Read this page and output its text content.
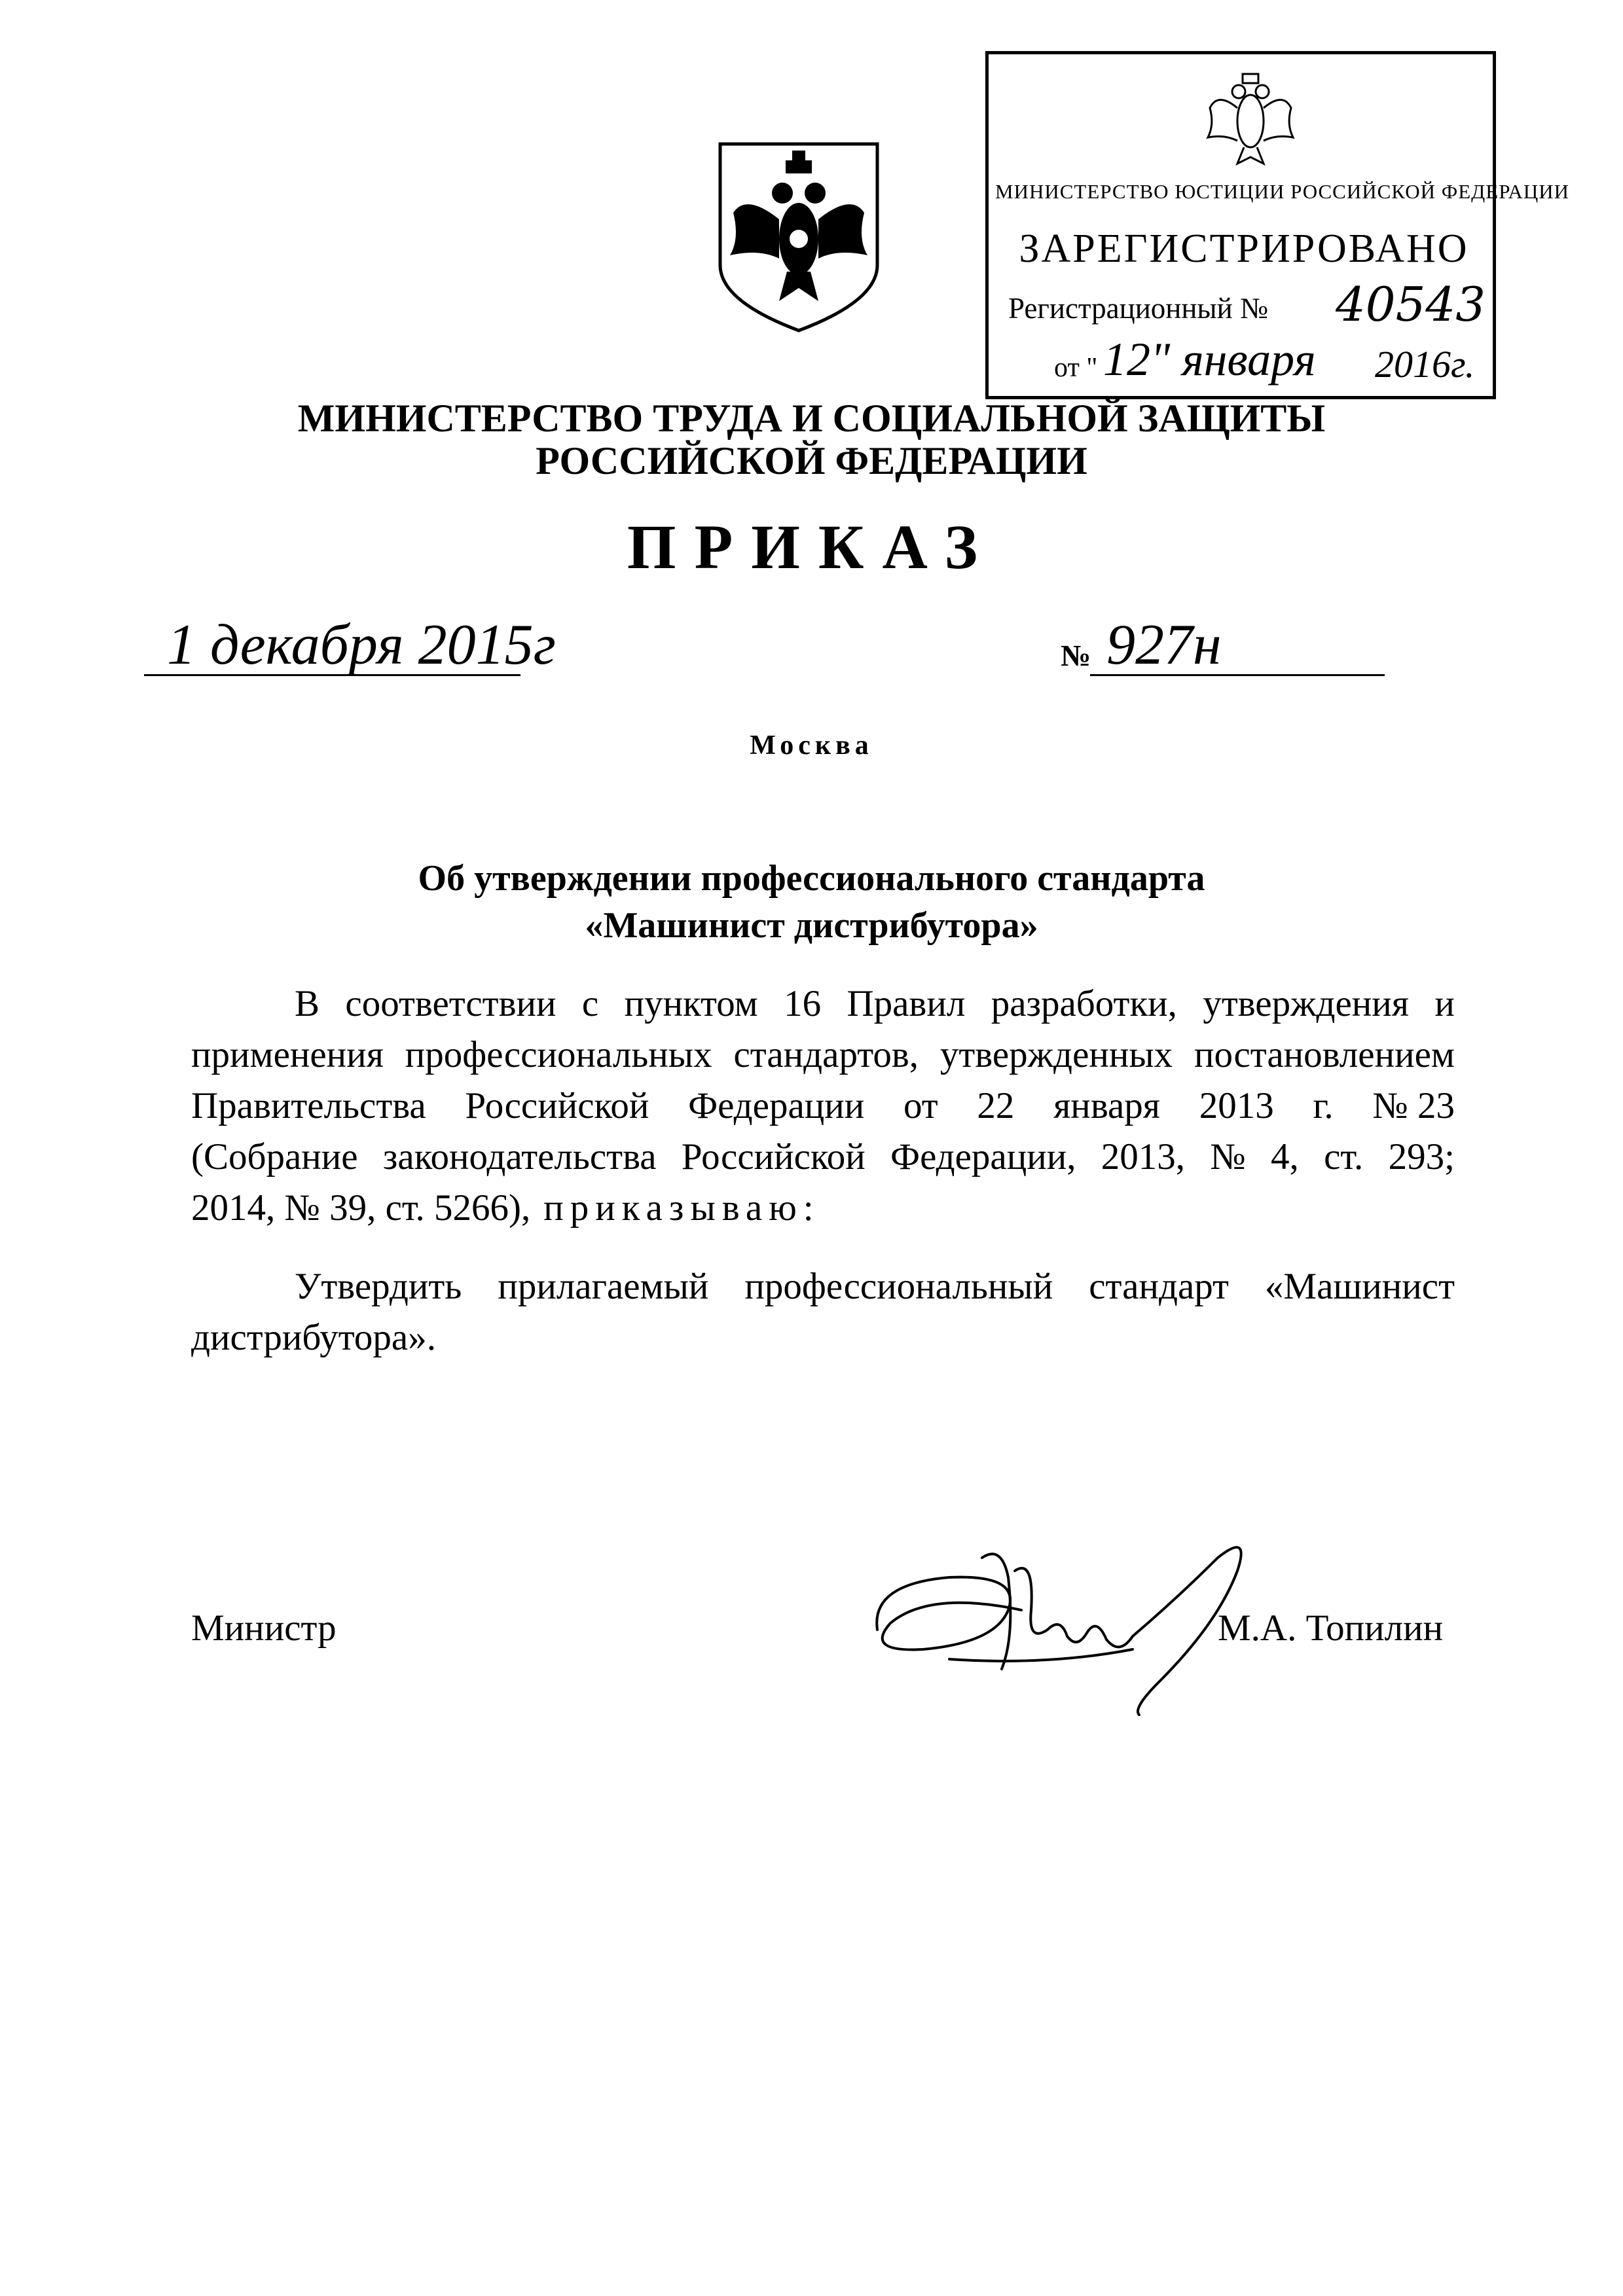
МИНИСТЕРСТВО ЮСТИЦИИ РОССИЙСКОЙ ФЕДЕРАЦИИ
ЗАРЕГИСТРИРОВАНО
Регистрационный № 40543
от " 12" января 2016г.
МИНИСТЕРСТВО ТРУДА И СОЦИАЛЬНОЙ ЗАЩИТЫ
РОССИЙСКОЙ ФЕДЕРАЦИИ
ПРИКАЗ
1 декабря 2015г	№ 927н
Москва
Об утверждении профессионального стандарта
«Машинист дистрибутора»
В соответствии с пунктом 16 Правил разработки, утверждения и
применения профессиональных стандартов, утвержденных постановлением
Правительства Российской Федерации от 22 января 2013 г. № 23
(Собрание законодательства Российской Федерации, 2013, № 4, ст. 293;
2014, № 39, ст. 5266), приказываю:
Утвердить прилагаемый профессиональный стандарт «Машинист
дистрибутора».
Министр	М.А. Топилин
